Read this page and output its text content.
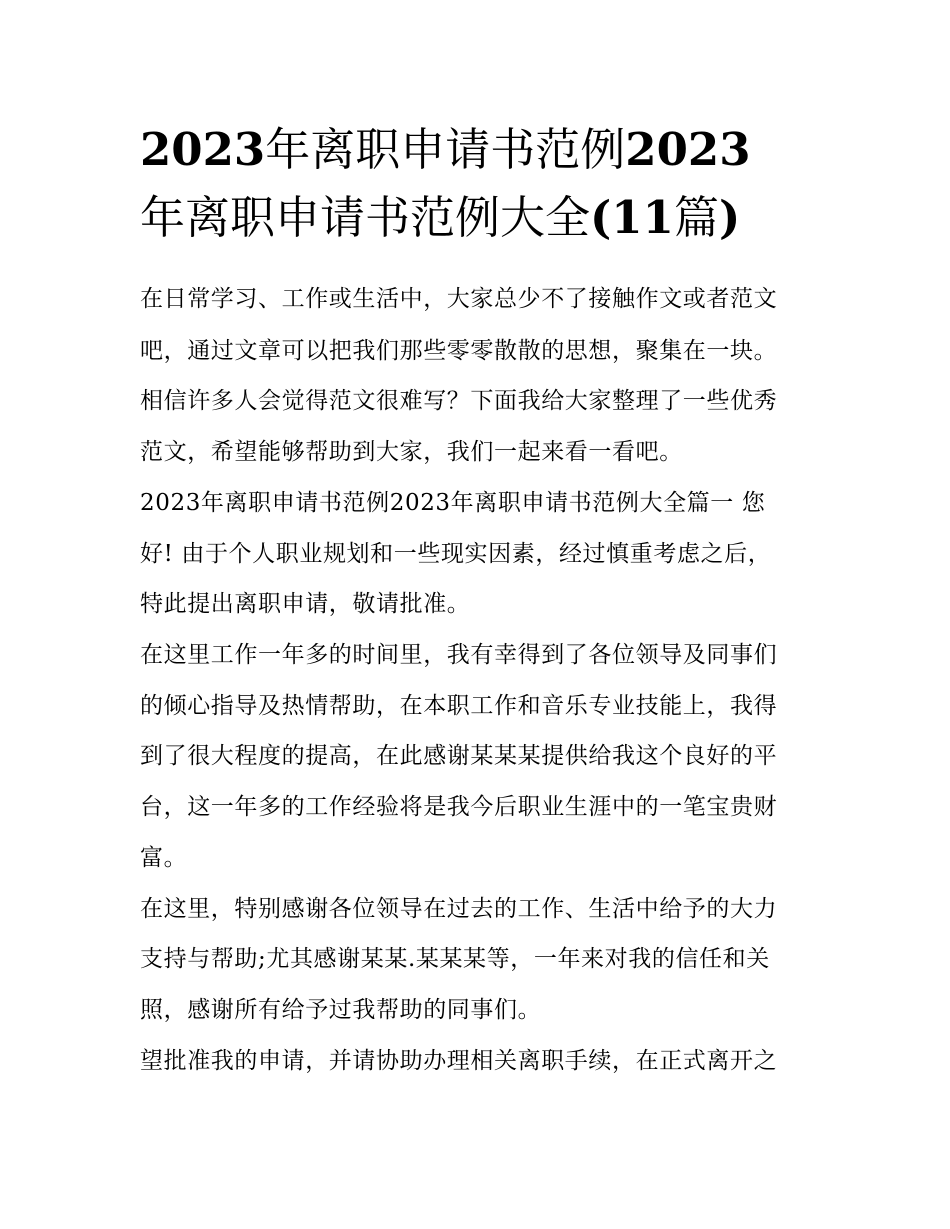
2023年离职申请书范例2023
年离职申请书范例大全(11篇)
在日常学习、工作或生活中，大家总少不了接触作文或者范文
吧，通过文章可以把我们那些零零散散的思想，聚集在一块。
相信许多人会觉得范文很难写？下面我给大家整理了一些优秀
范文，希望能够帮助到大家，我们一起来看一看吧。
2023年离职申请书范例2023年离职申请书范例大全篇一 您
好! 由于个人职业规划和一些现实因素，经过慎重考虑之后，
特此提出离职申请，敬请批准。
在这里工作一年多的时间里，我有幸得到了各位领导及同事们
的倾心指导及热情帮助，在本职工作和音乐专业技能上，我得
到了很大程度的提高，在此感谢某某某提供给我这个良好的平
台，这一年多的工作经验将是我今后职业生涯中的一笔宝贵财
富。
在这里，特别感谢各位领导在过去的工作、生活中给予的大力
支持与帮助;尤其感谢某某.某某某等，一年来对我的信任和关
照，感谢所有给予过我帮助的同事们。
望批准我的申请，并请协助办理相关离职手续，在正式离开之
